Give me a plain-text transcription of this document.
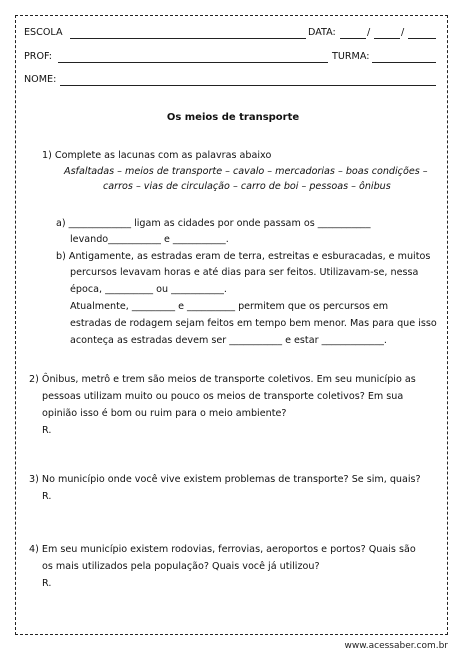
ESCOLA	DATA:	/	/
PROF:	TURMA:
NOME:
Os meios de transporte
1) Complete as lacunas com as palavras abaixo
Asfaltadas – meios de transporte – cavalo – mercadorias – boas condições –
carros – vias de circulação – carro de boi – pessoas – ônibus
a) _____________ ligam as cidades por onde passam os ___________
levando___________ e ___________.
b) Antigamente, as estradas eram de terra, estreitas e esburacadas, e muitos
percursos levavam horas e até dias para ser feitos. Utilizavam-se, nessa
época, __________ ou ___________.
Atualmente, _________ e __________ permitem que os percursos em
estradas de rodagem sejam feitos em tempo bem menor. Mas para que isso
aconteça as estradas devem ser ___________ e estar _____________.
2) Ônibus, metrô e trem são meios de transporte coletivos. Em seu município as
pessoas utilizam muito ou pouco os meios de transporte coletivos? Em sua
opinião isso é bom ou ruim para o meio ambiente?
R.
3) No município onde você vive existem problemas de transporte? Se sim, quais?
R.
4) Em seu município existem rodovias, ferrovias, aeroportos e portos? Quais são
os mais utilizados pela população? Quais você já utilizou?
R.
www.acessaber.com.br
